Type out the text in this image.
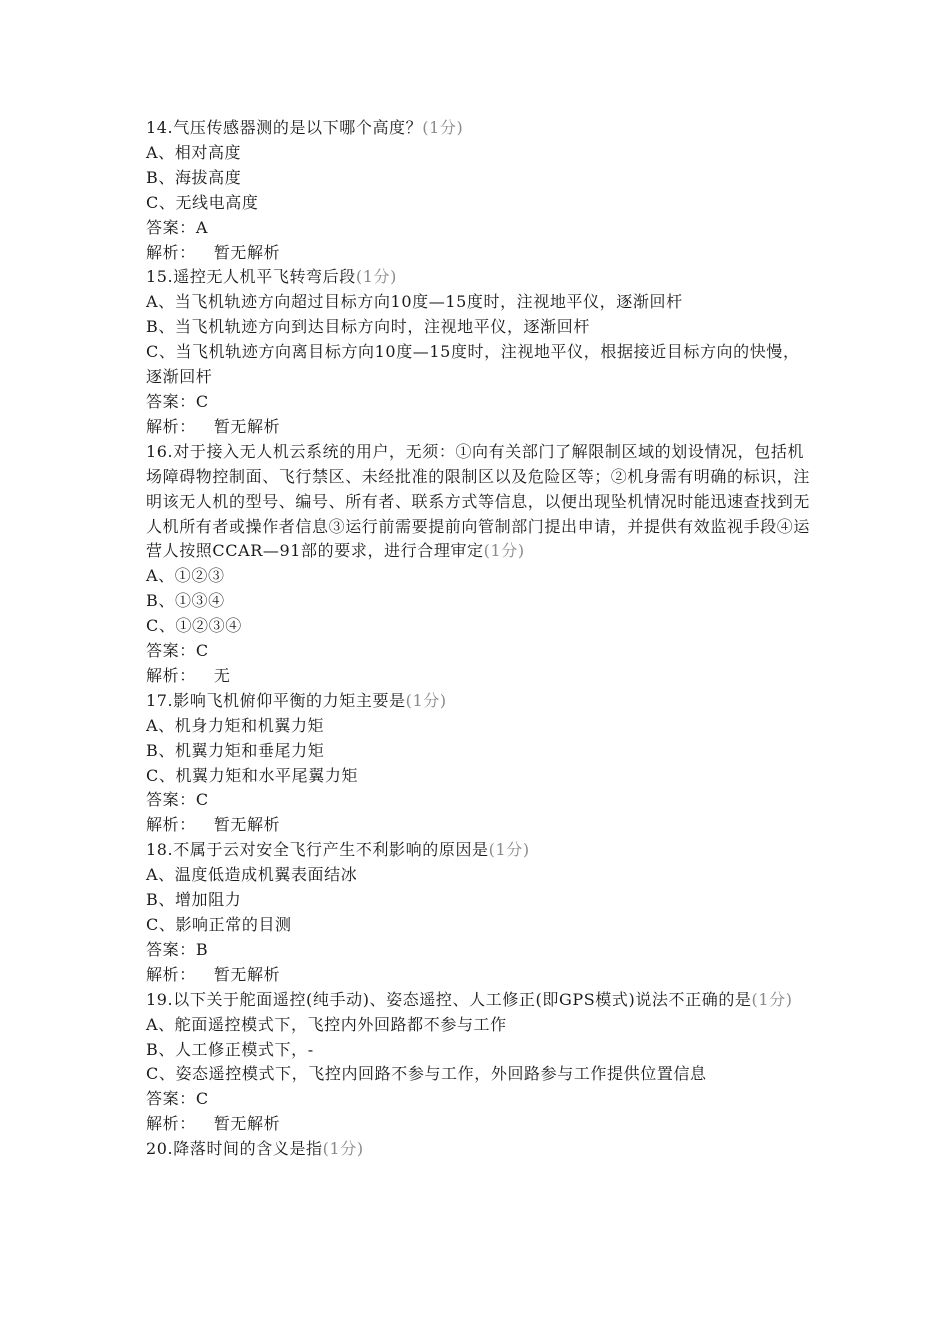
14.气压传感器测的是以下哪个高度？(1分)

A、相对高度

B、海拔高度

C、无线电高度

答案：A

解析： 暂无解析

15.遥控无人机平飞转弯后段(1分)

A、当飞机轨迹方向超过目标方向10度—15度时，注视地平仪，逐渐回杆

B、当飞机轨迹方向到达目标方向时，注视地平仪，逐渐回杆

C、当飞机轨迹方向离目标方向10度—15度时，注视地平仪，根据接近目标方向的快慢，逐渐回杆

答案：C

解析： 暂无解析

16.对于接入无人机云系统的用户，无须：①向有关部门了解限制区域的划设情况，包括机场障碍物控制面、飞行禁区、未经批准的限制区以及危险区等；②机身需有明确的标识，注明该无人机的型号、编号、所有者、联系方式等信息，以便出现坠机情况时能迅速查找到无人机所有者或操作者信息③运行前需要提前向管制部门提出申请，并提供有效监视手段④运营人按照CCAR—91部的要求，进行合理审定(1分)

A、①②③

B、①③④

C、①②③④

答案：C

解析： 无

17.影响飞机俯仰平衡的力矩主要是(1分)

A、机身力矩和机翼力矩

B、机翼力矩和垂尾力矩

C、机翼力矩和水平尾翼力矩

答案：C

解析： 暂无解析

18.不属于云对安全飞行产生不利影响的原因是(1分)

A、温度低造成机翼表面结冰

B、增加阻力

C、影响正常的目测

答案：B

解析： 暂无解析

19.以下关于舵面遥控(纯手动)、姿态遥控、人工修正(即GPS模式)说法不正确的是(1分)

A、舵面遥控模式下，飞控内外回路都不参与工作

B、人工修正模式下，-

C、姿态遥控模式下，飞控内回路不参与工作，外回路参与工作提供位置信息

答案：C

解析： 暂无解析

20.降落时间的含义是指(1分)
